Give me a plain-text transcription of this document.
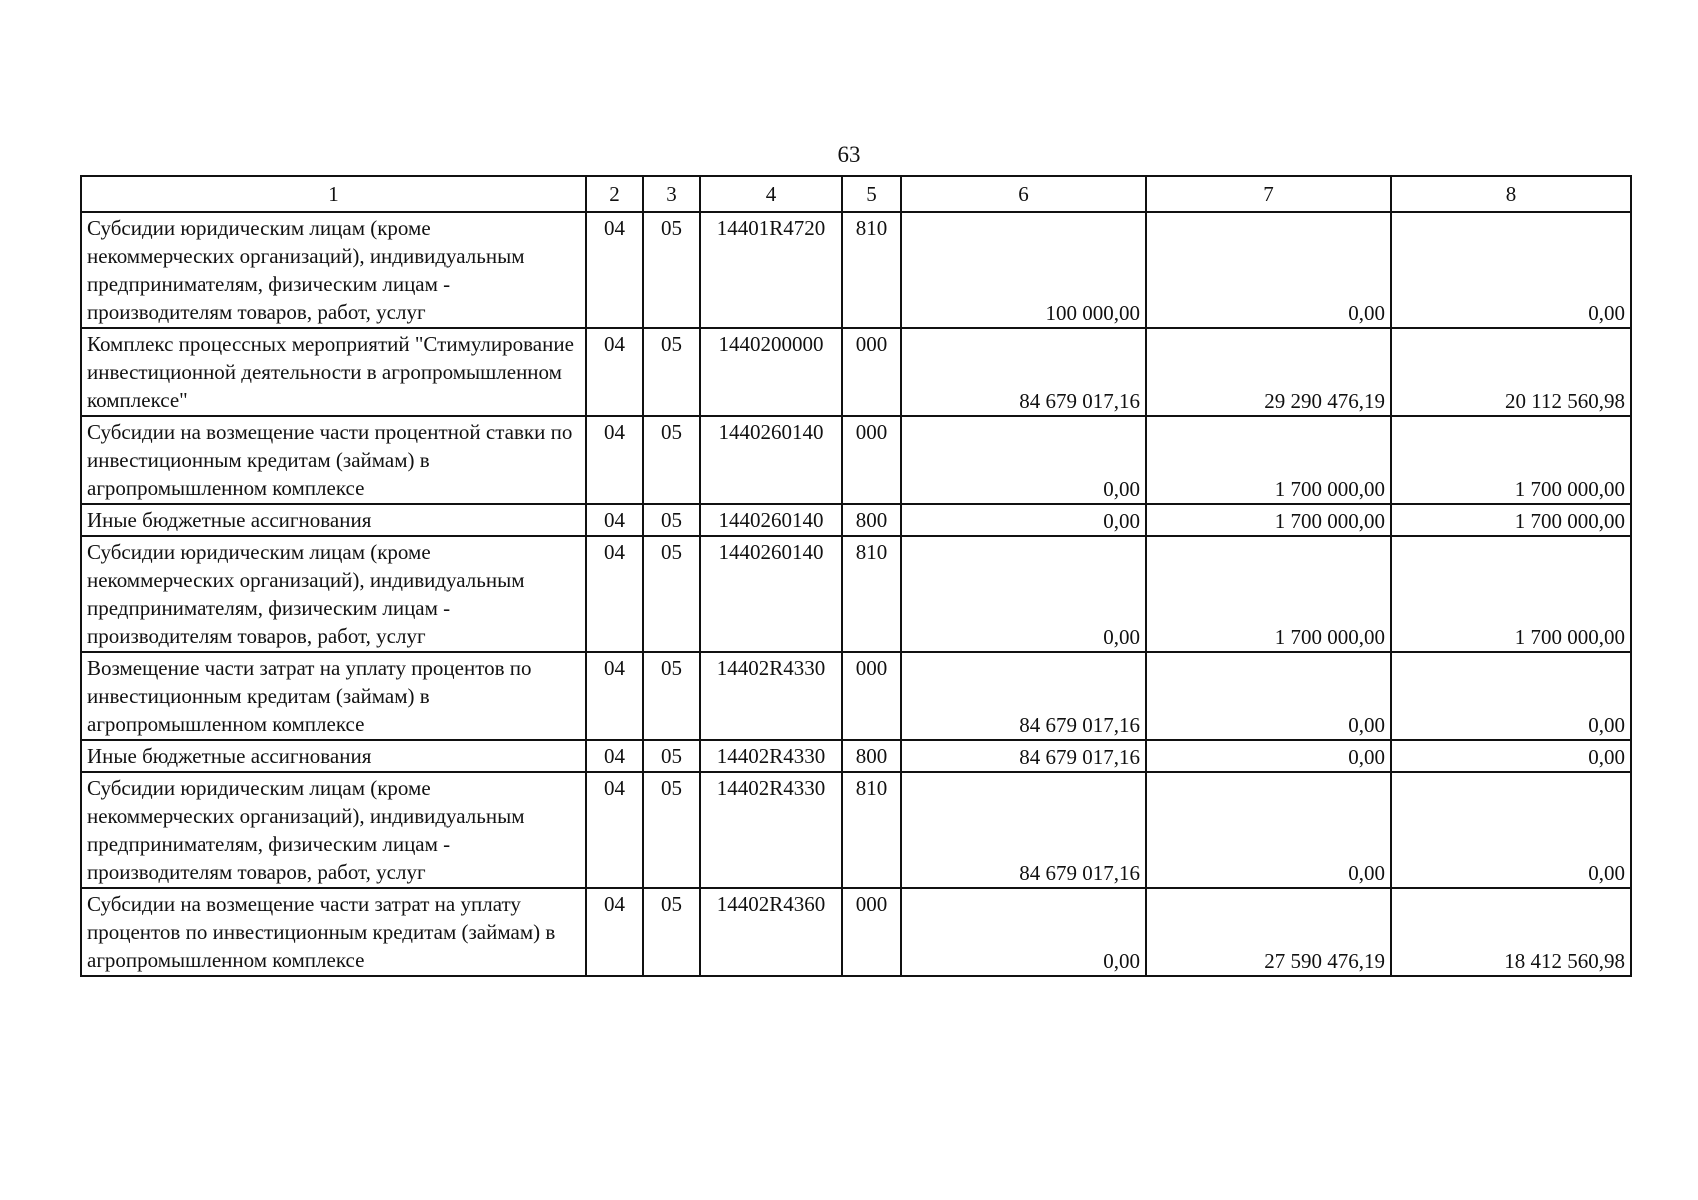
63
1	2	3	4	5	6	7	8
Субсидии юридическим лицам (кроме некоммерческих организаций), индивидуальным предпринимателям, физическим лицам - производителям товаров, работ, услуг	04	05	14401R4720	810	100 000,00	0,00	0,00
Комплекс процессных мероприятий "Стимулирование инвестиционной деятельности в агропромышленном комплексе"	04	05	1440200000	000	84 679 017,16	29 290 476,19	20 112 560,98
Субсидии на возмещение части процентной ставки по инвестиционным кредитам (займам) в агропромышленном комплексе	04	05	1440260140	000	0,00	1 700 000,00	1 700 000,00
Иные бюджетные ассигнования	04	05	1440260140	800	0,00	1 700 000,00	1 700 000,00
Субсидии юридическим лицам (кроме некоммерческих организаций), индивидуальным предпринимателям, физическим лицам - производителям товаров, работ, услуг	04	05	1440260140	810	0,00	1 700 000,00	1 700 000,00
Возмещение части затрат на уплату процентов по инвестиционным кредитам (займам) в агропромышленном комплексе	04	05	14402R4330	000	84 679 017,16	0,00	0,00
Иные бюджетные ассигнования	04	05	14402R4330	800	84 679 017,16	0,00	0,00
Субсидии юридическим лицам (кроме некоммерческих организаций), индивидуальным предпринимателям, физическим лицам - производителям товаров, работ, услуг	04	05	14402R4330	810	84 679 017,16	0,00	0,00
Субсидии на возмещение части затрат на уплату процентов по инвестиционным кредитам (займам) в агропромышленном комплексе	04	05	14402R4360	000	0,00	27 590 476,19	18 412 560,98
